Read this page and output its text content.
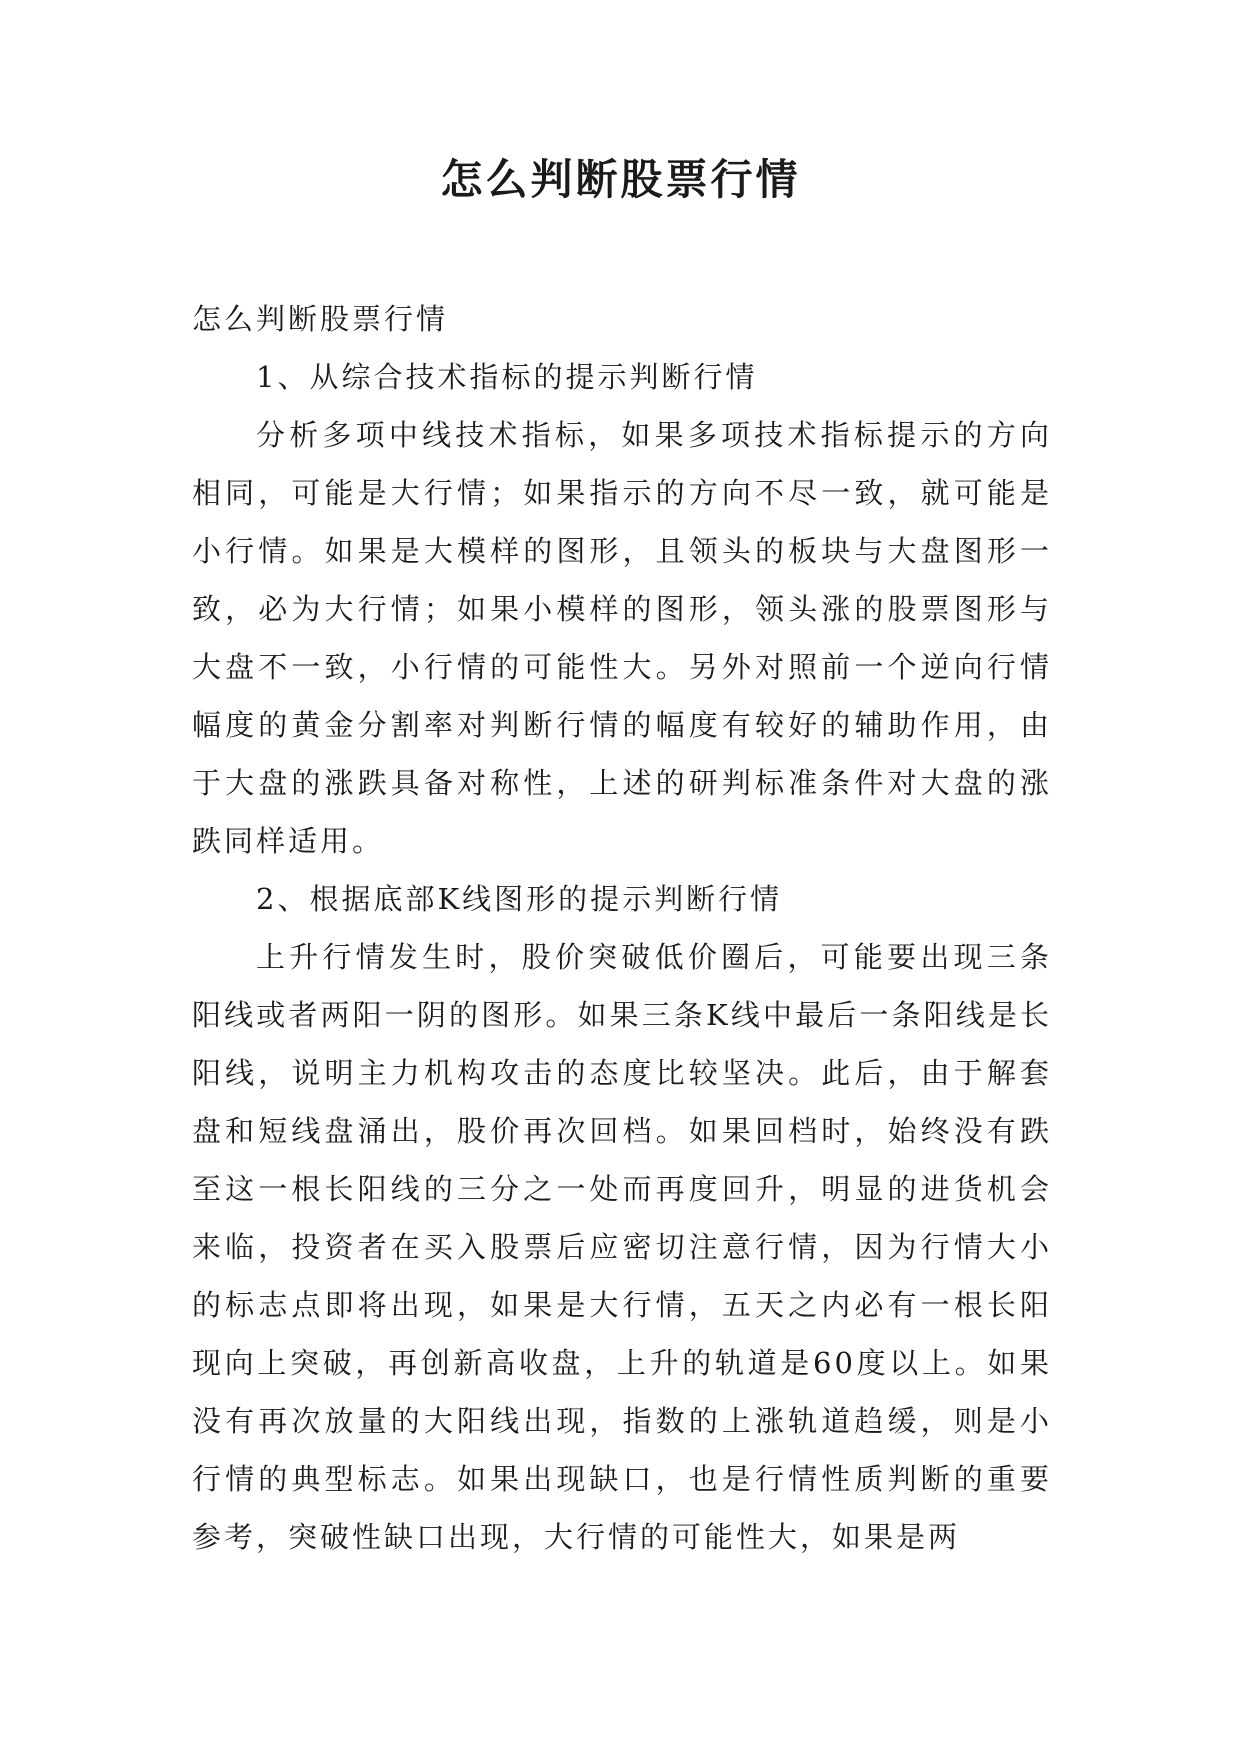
怎么判断股票行情

怎么判断股票行情

1、从综合技术指标的提示判断行情

分析多项中线技术指标，如果多项技术指标提示的方向相同，可能是大行情；如果指示的方向不尽一致，就可能是小行情。如果是大模样的图形，且领头的板块与大盘图形一致，必为大行情；如果小模样的图形，领头涨的股票图形与大盘不一致，小行情的可能性大。另外对照前一个逆向行情幅度的黄金分割率对判断行情的幅度有较好的辅助作用，由于大盘的涨跌具备对称性，上述的研判标准条件对大盘的涨跌同样适用。

2、根据底部K线图形的提示判断行情

上升行情发生时，股价突破低价圈后，可能要出现三条阳线或者两阳一阴的图形。如果三条K线中最后一条阳线是长阳线，说明主力机构攻击的态度比较坚决。此后，由于解套盘和短线盘涌出，股价再次回档。如果回档时，始终没有跌至这一根长阳线的三分之一处而再度回升，明显的进货机会来临，投资者在买入股票后应密切注意行情，因为行情大小的标志点即将出现，如果是大行情，五天之内必有一根长阳现向上突破，再创新高收盘，上升的轨道是60度以上。如果没有再次放量的大阳线出现，指数的上涨轨道趋缓，则是小行情的典型标志。如果出现缺口，也是行情性质判断的重要参考，突破性缺口出现，大行情的可能性大，如果是两
